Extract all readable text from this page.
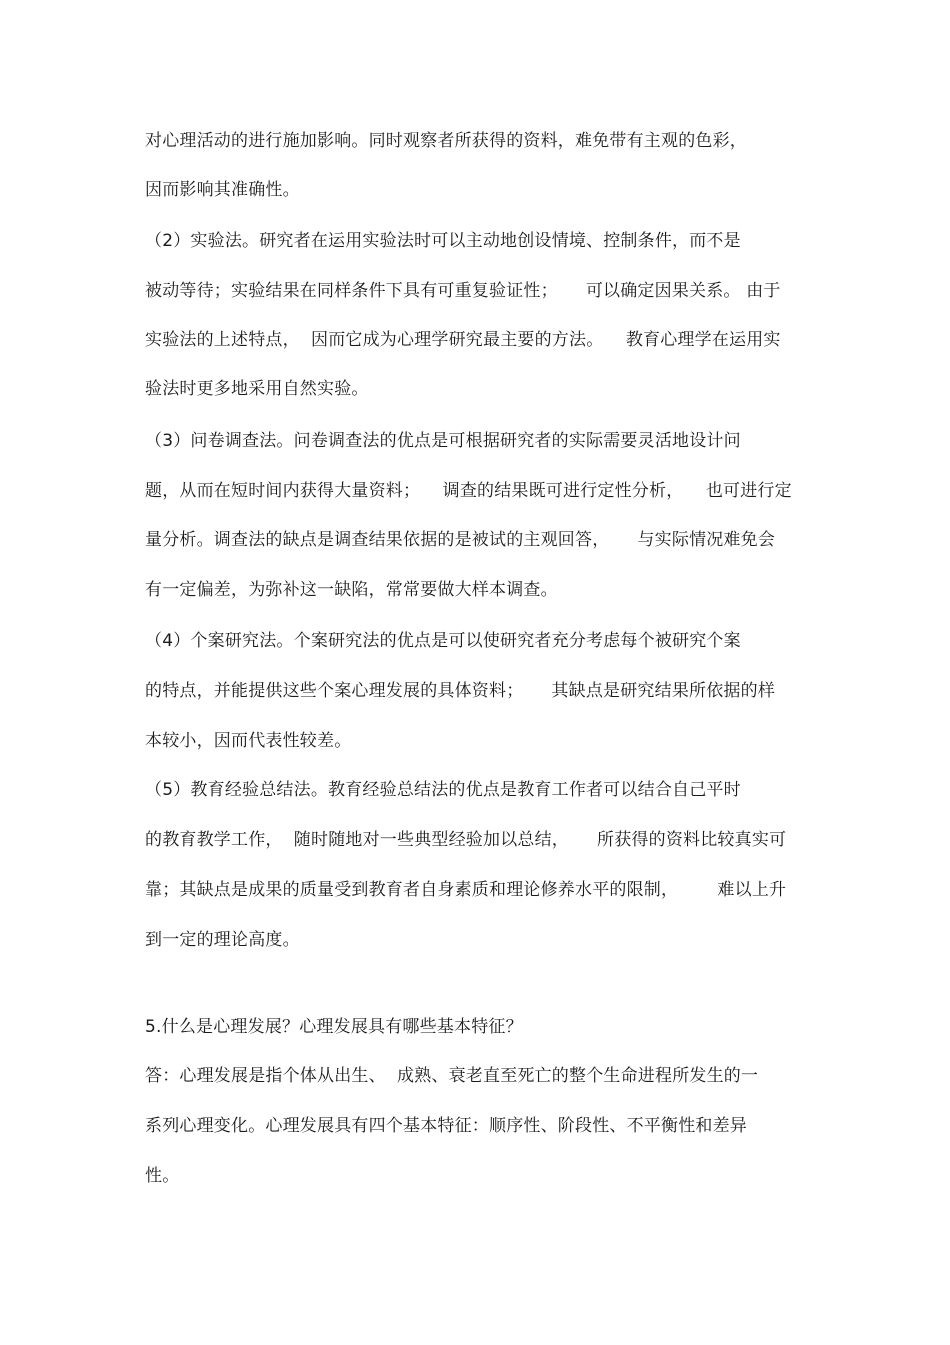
对心理活动的进行施加影响。同时观察者所获得的资料，难免带有主观的色彩，
因而影响其准确性。
（2）实验法。研究者在运用实验法时可以主动地创设情境、控制条件，而不是
被动等待；实验结果在同样条件下具有可重复验证性；     可以确定因果关系。 由于
实验法的上述特点，  因而它成为心理学研究最主要的方法。    教育心理学在运用实
验法时更多地采用自然实验。
（3）问卷调查法。问卷调查法的优点是可根据研究者的实际需要灵活地设计问
题，从而在短时间内获得大量资料；    调查的结果既可进行定性分析，    也可进行定
量分析。调查法的缺点是调查结果依据的是被试的主观回答，     与实际情况难免会
有一定偏差，为弥补这一缺陷，常常要做大样本调查。
（4）个案研究法。个案研究法的优点是可以使研究者充分考虑每个被研究个案
的特点，并能提供这些个案心理发展的具体资料；     其缺点是研究结果所依据的样
本较小，因而代表性较差。
（5）教育经验总结法。教育经验总结法的优点是教育工作者可以结合自己平时
的教育教学工作，  随时随地对一些典型经验加以总结，     所获得的资料比较真实可
靠；其缺点是成果的质量受到教育者自身素质和理论修养水平的限制，       难以上升
到一定的理论高度。
5.什么是心理发展？心理发展具有哪些基本特征？
答：心理发展是指个体从出生、  成熟、衰老直至死亡的整个生命进程所发生的一
系列心理变化。心理发展具有四个基本特征：顺序性、阶段性、不平衡性和差异
性。
